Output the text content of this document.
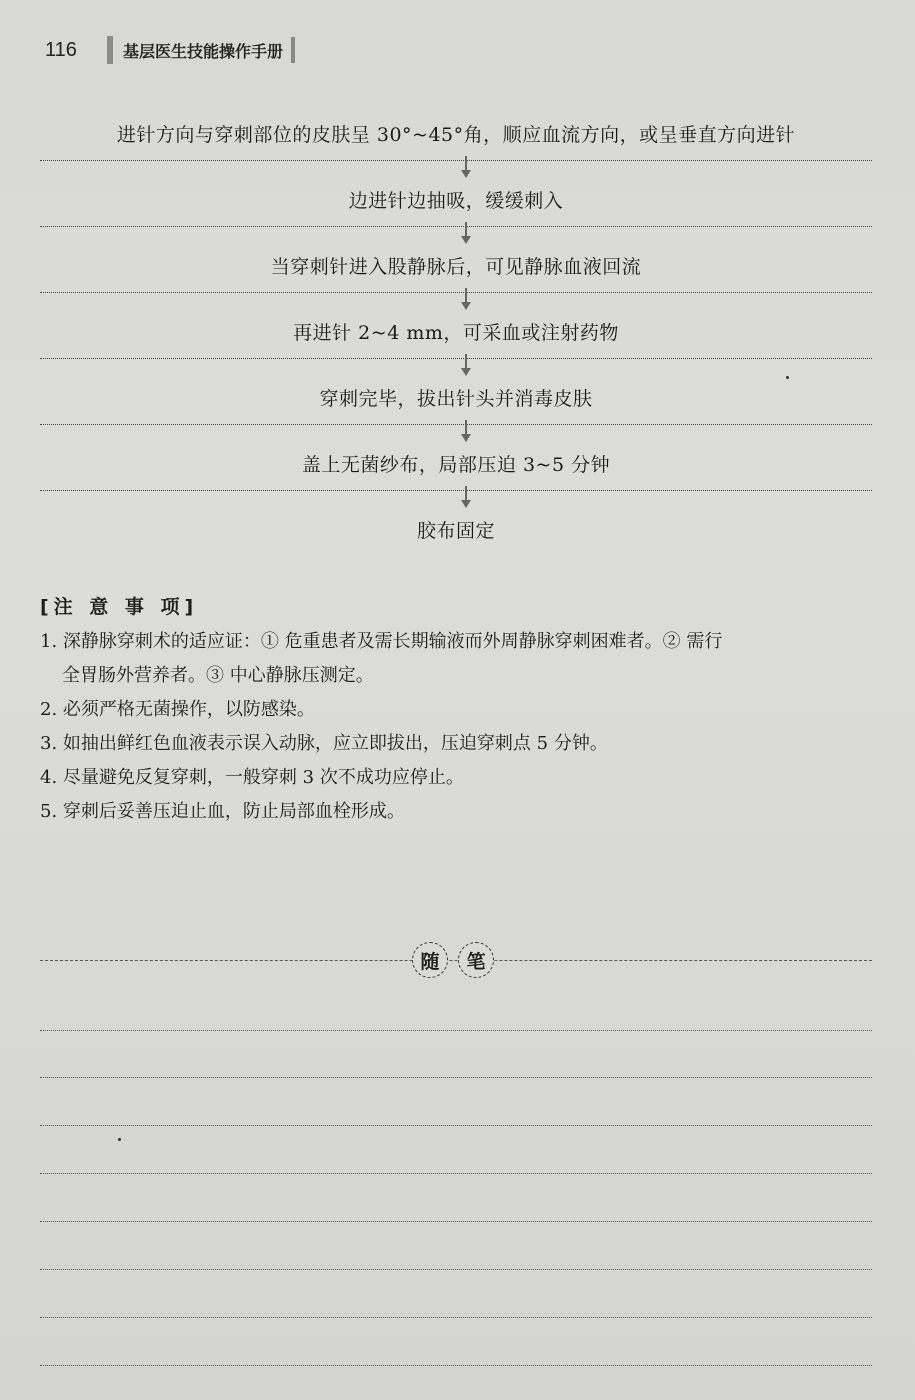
116	基层医生技能操作手册
进针方向与穿刺部位的皮肤呈 30°~45°角，顺应血流方向，或呈垂直方向进针
边进针边抽吸，缓缓刺入
当穿刺针进入股静脉后，可见静脉血液回流
再进针 2~4 mm，可采血或注射药物
穿刺完毕，拔出针头并消毒皮肤
盖上无菌纱布，局部压迫 3~5 分钟
胶布固定
[注 意 事 项]
1. 深静脉穿刺术的适应证：① 危重患者及需长期输液而外周静脉穿刺困难者。② 需行
全胃肠外营养者。③ 中心静脉压测定。
2. 必须严格无菌操作，以防感染。
3. 如抽出鲜红色血液表示误入动脉，应立即拔出，压迫穿刺点 5 分钟。
4. 尽量避免反复穿刺，一般穿刺 3 次不成功应停止。
5. 穿刺后妥善压迫止血，防止局部血栓形成。
随	笔
